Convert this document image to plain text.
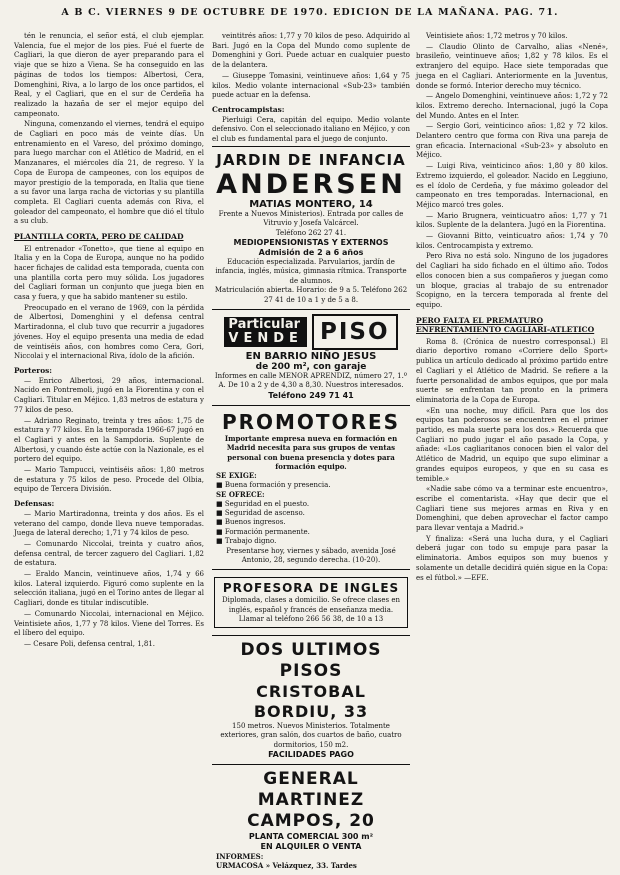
A B C. VIERNES 9 DE OCTUBRE DE 1970. EDICION DE LA MAÑANA. PAG. 71.

tén le renuncia, el señor está, el club ejemplar. Valencia, fue el mejor de los pies. Fué el fuerte de Cagliari, la que dieron de ayer preparando para el viaje que se hizo a Viena. Se ha conseguido en las páginas de todos los tiempos: Albertosi, Cera, Domenghini, Riva, a lo largo de los once partidos, el Real, y el Cagliari, que en el sur de Cerdeña ha realizado la hazaña de ser el mejor equipo del campeonato.

Ninguna, comenzando el viernes, tendrá el equipo de Cagliari en poco más de veinte días. Un entrenamiento en el Vareso, del próximo domingo, para luego marchar con el Atlético de Madrid, en el Manzanares, el miércoles día 21, de regreso. Y la Copa de Europa de campeones, con los equipos de mayor prestigio de la temporada, en Italia que tiene a su favor una larga racha de victorias y su plantilla completa. El Cagliari cuenta además con Riva, el goleador del campeonato, el hombre que dió el título a su club.

PLANTILLA CORTA, PERO DE CALIDAD

El entrenador «Tonetto», que tiene al equipo en Italia y en la Copa de Europa, aunque no ha podido hacer fichajes de calidad esta temporada, cuenta con una plantilla corta pero muy sólida. Los jugadores del Cagliari forman un conjunto que juega bien en casa y fuera, y que ha sabido mantener su estilo.

Preocupado en el verano de 1969, con la pérdida de Albertosi, Domenghini y el defensa central Martiradonna, el club tuvo que recurrir a jugadores jóvenes. Hoy el equipo presenta una media de edad de veintiséis años, con hombres como Cera, Gori, Niccolai y el internacional Riva, ídolo de la afición.

Porteros:

— Enrico Albertosi, 29 años, internacional. Nacido en Pontremoli, jugó en la Fiorentina y con el Cagliari. Titular en Méjico. 1,83 metros de estatura y 77 kilos de peso.

— Adriano Reginato, treinta y tres años: 1,75 de estatura y 77 kilos. En la temporada 1966-67 jugó en el Cagliari y antes en la Sampdoria. Suplente de Albertosi, y cuando éste actúe con la Nazionale, es el portero del equipo.

— Mario Tampucci, veintiséis años: 1,80 metros de estatura y 75 kilos de peso. Procede del Olbia, equipo de Tercera División.

Defensas:

— Mario Martiradonna, treinta y dos años. Es el veterano del campo, donde lleva nueve temporadas. Juega de lateral derecho; 1,71 y 74 kilos de peso.

— Comunardo Niccolai, treinta y cuatro años, defensa central, de tercer zaguero del Cagliari. 1,82 de estatura.

— Eraldo Mancin, veintinueve años, 1,74 y 66 kilos. Lateral izquierdo. Figuró como suplente en la selección italiana, jugó en el Torino antes de llegar al Cagliari, donde es titular indiscutible.

— Comunardo Niccolai, internacional en Méjico. Veintisiete años, 1,77 y 78 kilos. Viene del Torres. Es el líbero del equipo.

— Cesare Poli, defensa central, 1,81.

veintitrés años: 1,77 y 70 kilos de peso. Adquirido al Bari. Jugó en la Copa del Mundo como suplente de Domenghini y Gori. Puede actuar en cualquier puesto de la delantera.

— Giuseppe Tomasini, veintinueve años: 1,64 y 75 kilos. Medio volante internacional «Sub-23» también puede actuar en la defensa.

Centrocampistas:

Pierluigi Cera, capitán del equipo. Medio volante defensivo. Con el seleccionado italiano en Méjico, y con el club es fundamental para el juego de conjunto.

JARDIN DE INFANCIA
ANDERSEN
MATIAS MONTERO, 14
Frente a Nuevos Ministerios). Entrada por calles de Vitruvio y Josefa Valcárcel.
Teléfono 262 27 41.
MEDIOPENSIONISTAS Y EXTERNOS
Admisión de 2 a 6 años
Educación especializada. Parvularios, jardín de infancia, inglés, música, gimnasia rítmica. Transporte de alumnos.
Matriculación abierta. Horario: de 9 a 5. Teléfono 262 27 41 de 10 a 1 y de 5 a 8.
Particular
VENDE PISO
EN BARRIO NIÑO JESUS
de 200 m², con garaje
Informes en calle MENOR APRENDIZ, número 27, 1.º A. De 10 a 2 y de 4,30 a 8,30. Nuestros interesados.
Teléfono 249 71 41
PROMOTORES
Importante empresa nueva en formación en Madrid necesita para sus grupos de ventas personal con buena presencia y dotes para formación equipo.
SE EXIGE:
■ Buena formación y presencia.
SE OFRECE:
■ Seguridad en el puesto.
■ Seguridad de ascenso.
■ Buenos ingresos.
■ Formación permanente.
■ Trabajo digno.
Presentarse hoy, viernes y sábado, avenida José Antonio, 28, segundo derecha. (10-20).
PROFESORA DE INGLES
Diplomada, clases a domicilio. Se ofrece clases en inglés, español y francés de enseñanza media. Llamar al teléfono 266 56 38, de 10 a 13
DOS ULTIMOS PISOS
CRISTOBAL BORDIU, 33
150 metros. Nuevos Ministerios. Totalmente exteriores, gran salón, dos cuartos de baño, cuatro dormitorios, 150 m2.
FACILIDADES PAGO
GENERAL MARTINEZ
CAMPOS, 20
PLANTA COMERCIAL 300 m²
EN ALQUILER O VENTA
INFORMES:
URMACOSA » Velázquez, 33. Tardes

Veintisiete años: 1,72 metros y 70 kilos.

— Claudio Olinto de Carvalho, alias «Nené», brasileño, veintinueve años; 1,82 y 78 kilos. Es el extranjero del equipo. Hace siete temporadas que juega en el Cagliari. Anteriormente en la Juventus, donde se formó. Interior derecho muy técnico.

— Angelo Domenghini, veintinueve años: 1,72 y 72 kilos. Extremo derecho. Internacional, jugó la Copa del Mundo. Antes en el Inter.

— Sergio Gori, veinticinco años: 1,82 y 72 kilos. Delantero centro que forma con Riva una pareja de gran eficacia. Internacional «Sub-23» y absoluto en Méjico.

— Luigi Riva, veinticinco años: 1,80 y 80 kilos. Extremo izquierdo, el goleador. Nacido en Leggiuno, es el ídolo de Cerdeña, y fue máximo goleador del campeonato en tres temporadas. Internacional, en Méjico marcó tres goles.

— Mario Brugnera, veinticuatro años: 1,77 y 71 kilos. Suplente de la delantera. Jugó en la Fiorentina.

— Giovanni Bitto, veinticuatro años: 1,74 y 70 kilos. Centrocampista y extremo.

Pero Riva no está solo. Ninguno de los jugadores del Cagliari ha sido fichado en el último año. Todos ellos conocen bien a sus compañeros y juegan como un bloque, gracias al trabajo de su entrenador Scopigno, en la tercera temporada al frente del equipo.

PERO FALTA EL PREMATURO ENFRENTAMIENTO CAGLIARI-ATLETICO

Roma 8. (Crónica de nuestro corresponsal.) El diario deportivo romano «Corriere dello Sport» publica un artículo dedicado al próximo partido entre el Cagliari y el Atlético de Madrid. Se refiere a la fuerte personalidad de ambos equipos, que por mala suerte se enfrentan tan pronto en la primera eliminatoria de la Copa de Europa.

«En una noche, muy difícil. Para que los dos equipos tan poderosos se encuentren en el primer partido, es mala suerte para los dos.» Recuerda que Cagliari no pudo jugar el año pasado la Copa, y añade: «Los cagliaritanos conocen bien el valor del Atlético de Madrid, un equipo que supo eliminar a grandes equipos europeos, y que en su casa es temible.»

«Nadie sabe cómo va a terminar este encuentro», escribe el comentarista. «Hay que decir que el Cagliari tiene sus mejores armas en Riva y en Domenghini, que deben aprovechar el factor campo para llevar ventaja a Madrid.»

Y finaliza: «Será una lucha dura, y el Cagliari deberá jugar con todo su empuje para pasar la eliminatoria. Ambos equipos son muy buenos y solamente un detalle decidirá quién sigue en la Copa: es el fútbol.» —EFE.
